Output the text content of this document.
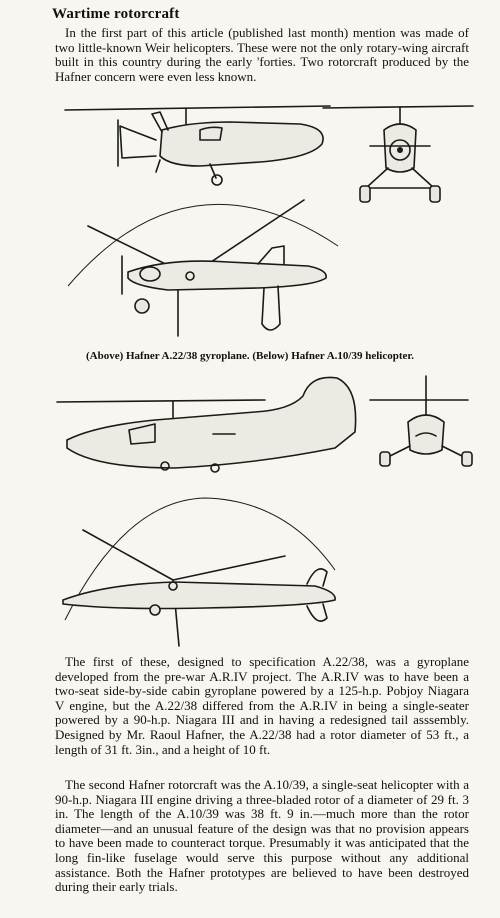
Wartime rotorcraft

In the first part of this article (published last month) mention was made of two little-known Weir helicopters. These were not the only rotary-wing aircraft built in this country during the early 'forties. Two rotorcraft produced by the Hafner concern were even less known.

(Above) Hafner A.22/38 gyroplane. (Below) Hafner A.10/39 helicopter.

The first of these, designed to specification A.22/38, was a gyroplane developed from the pre-war A.R.IV project. The A.R.IV was to have been a two-seat side-by-side cabin gyroplane powered by a 125-h.p. Pobjoy Niagara V engine, but the A.22/38 differed from the A.R.IV in being a single-seater powered by a 90-h.p. Niagara III and in having a redesigned tail asssembly. Designed by Mr. Raoul Hafner, the A.22/38 had a rotor diameter of 53 ft., a length of 31 ft. 3in., and a height of 10 ft.

The second Hafner rotorcraft was the A.10/39, a single-seat helicopter with a 90-h.p. Niagara III engine driving a three-bladed rotor of a diameter of 29 ft. 3 in. The length of the A.10/39 was 38 ft. 9 in.—much more than the rotor diameter—and an unusual feature of the design was that no provision appears to have been made to counteract torque. Presumably it was anticipated that the long fin-like fuselage would serve this purpose without any additional assistance. Both the Hafner prototypes are believed to have been destroyed during their early trials.
